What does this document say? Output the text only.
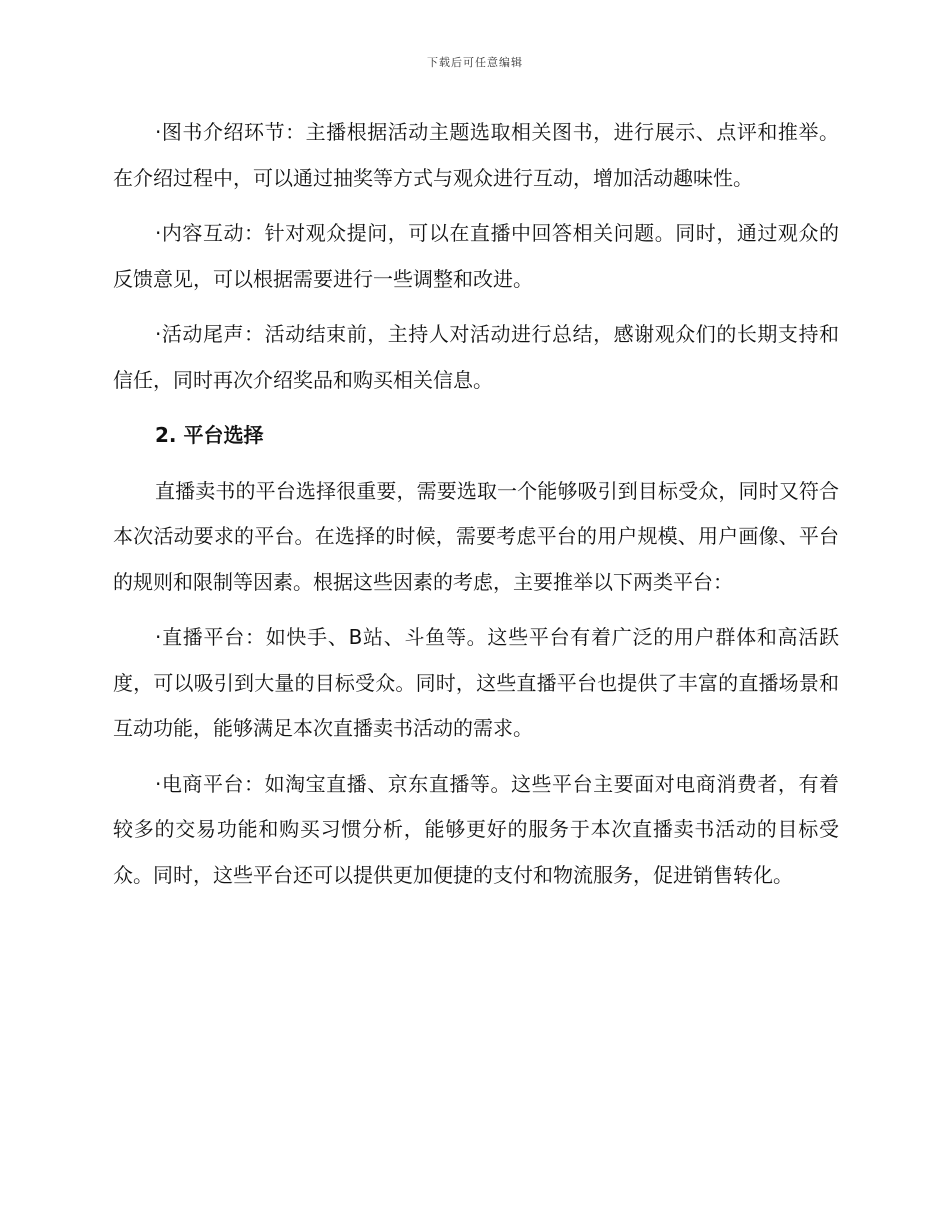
下载后可任意编辑

·图书介绍环节：主播根据活动主题选取相关图书，进行展示、点评和推举。在介绍过程中，可以通过抽奖等方式与观众进行互动，增加活动趣味性。

·内容互动：针对观众提问，可以在直播中回答相关问题。同时，通过观众的反馈意见，可以根据需要进行一些调整和改进。

·活动尾声：活动结束前，主持人对活动进行总结，感谢观众们的长期支持和信任，同时再次介绍奖品和购买相关信息。

2. 平台选择

直播卖书的平台选择很重要，需要选取一个能够吸引到目标受众，同时又符合本次活动要求的平台。在选择的时候，需要考虑平台的用户规模、用户画像、平台的规则和限制等因素。根据这些因素的考虑，主要推举以下两类平台：

·直播平台：如快手、B站、斗鱼等。这些平台有着广泛的用户群体和高活跃度，可以吸引到大量的目标受众。同时，这些直播平台也提供了丰富的直播场景和互动功能，能够满足本次直播卖书活动的需求。

·电商平台：如淘宝直播、京东直播等。这些平台主要面对电商消费者，有着较多的交易功能和购买习惯分析，能够更好的服务于本次直播卖书活动的目标受众。同时，这些平台还可以提供更加便捷的支付和物流服务，促进销售转化。
